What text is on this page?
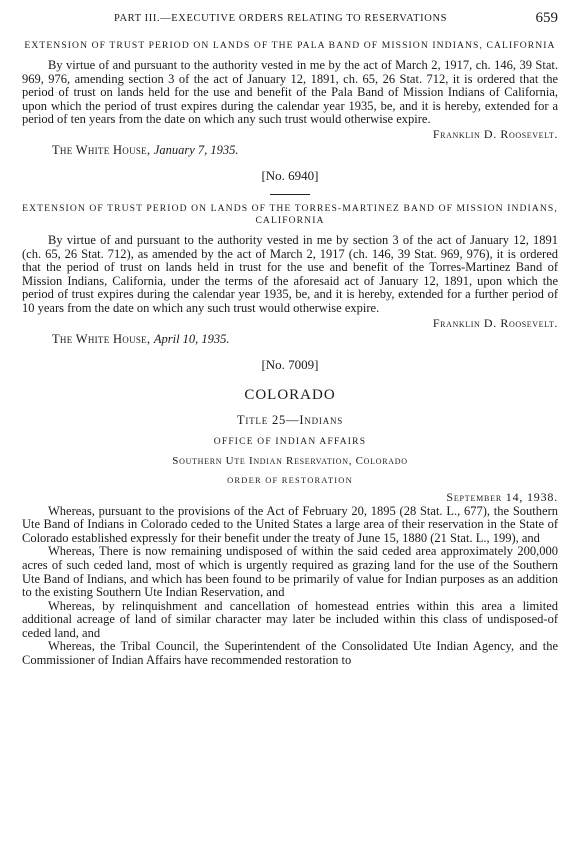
PART III.—EXECUTIVE ORDERS RELATING TO RESERVATIONS	659
EXTENSION OF TRUST PERIOD ON LANDS OF THE PALA BAND OF MISSION INDIANS, CALIFORNIA

By virtue of and pursuant to the authority vested in me by the act of March 2, 1917, ch. 146, 39 Stat. 969, 976, amending section 3 of the act of January 12, 1891, ch. 65, 26 Stat. 712, it is ordered that the period of trust on lands held for the use and benefit of the Pala Band of Mission Indians of California, upon which the period of trust expires during the calendar year 1935, be, and it is hereby, extended for a period of ten years from the date on which any such trust would otherwise expire.

Franklin D. Roosevelt.

The White House, January 7, 1935.

[No. 6940]

EXTENSION OF TRUST PERIOD ON LANDS OF THE TORRES-MARTINEZ BAND OF MISSION INDIANS, CALIFORNIA

By virtue of and pursuant to the authority vested in me by section 3 of the act of January 12, 1891 (ch. 65, 26 Stat. 712), as amended by the act of March 2, 1917 (ch. 146, 39 Stat. 969, 976), it is ordered that the period of trust on lands held in trust for the use and benefit of the Torres-Martinez Band of Mission Indians, California, under the terms of the aforesaid act of January 12, 1891, upon which the period of trust expires during the calendar year 1935, be, and it is hereby, extended for a further period of 10 years from the date on which any such trust would otherwise expire.

Franklin D. Roosevelt.

The White House, April 10, 1935.

[No. 7009]

COLORADO
Title 25—Indians
OFFICE OF INDIAN AFFAIRS
Southern Ute Indian Reservation, Colorado
ORDER OF RESTORATION
September 14, 1938.

Whereas, pursuant to the provisions of the Act of February 20, 1895 (28 Stat. L., 677), the Southern Ute Band of Indians in Colorado ceded to the United States a large area of their reservation in the State of Colorado established expressly for their benefit under the treaty of June 15, 1880 (21 Stat. L., 199), and

Whereas, There is now remaining undisposed of within the said ceded area approximately 200,000 acres of such ceded land, most of which is urgently required as grazing land for the use of the Southern Ute Band of Indians, and which has been found to be primarily of value for Indian purposes as an addition to the existing Southern Ute Indian Reservation, and

Whereas, by relinquishment and cancellation of homestead entries within this area a limited additional acreage of land of similar character may later be included within this class of undisposed-of ceded land, and

Whereas, the Tribal Council, the Superintendent of the Consolidated Ute Indian Agency, and the Commissioner of Indian Affairs have recommended restoration to
